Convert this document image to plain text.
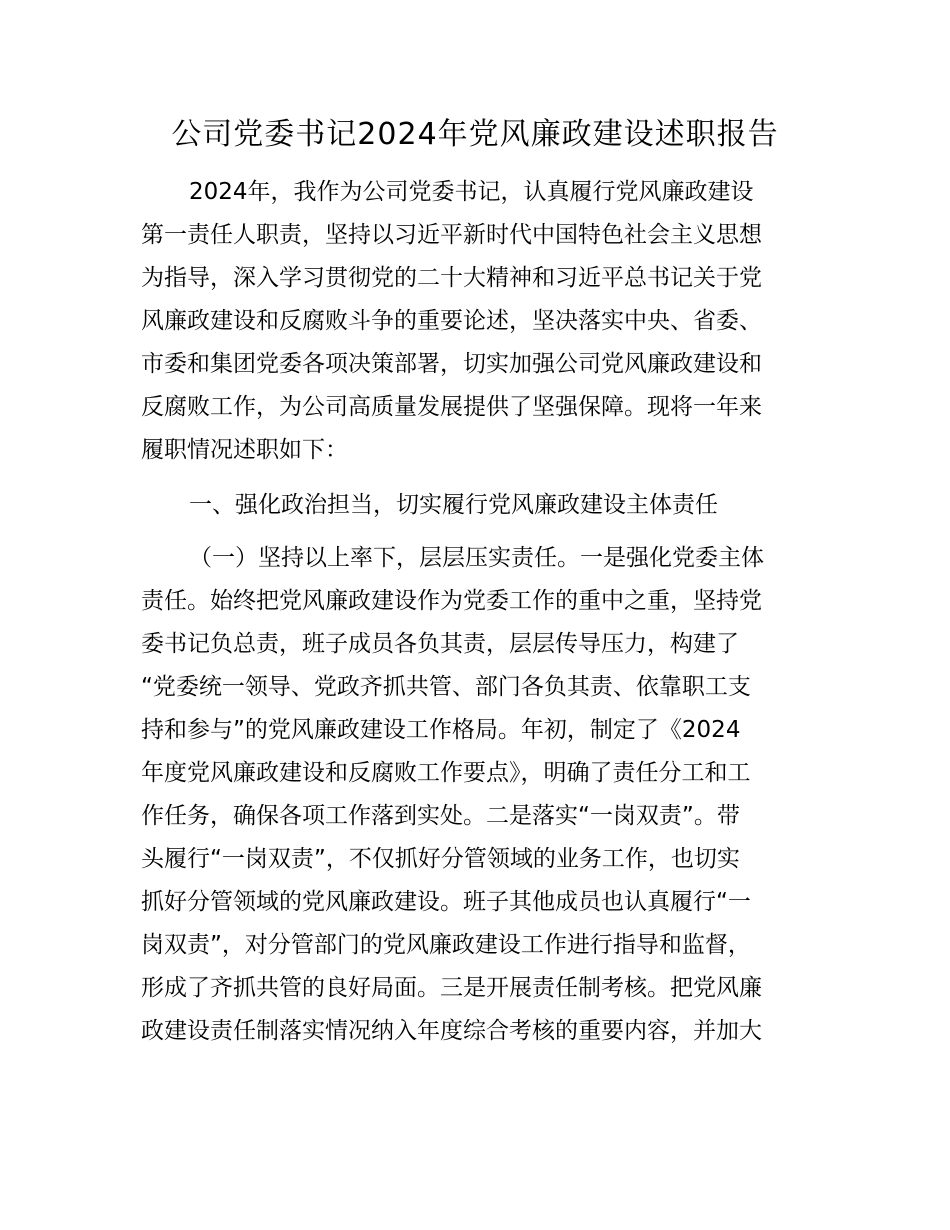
公司党委书记2024年党风廉政建设述职报告
2024年，我作为公司党委书记，认真履行党风廉政建设
第一责任人职责，坚持以习近平新时代中国特色社会主义思想
为指导，深入学习贯彻党的二十大精神和习近平总书记关于党
风廉政建设和反腐败斗争的重要论述，坚决落实中央、省委、
市委和集团党委各项决策部署，切实加强公司党风廉政建设和
反腐败工作，为公司高质量发展提供了坚强保障。现将一年来
履职情况述职如下：
一、强化政治担当，切实履行党风廉政建设主体责任
（一）坚持以上率下，层层压实责任。一是强化党委主体
责任。始终把党风廉政建设作为党委工作的重中之重，坚持党
委书记负总责，班子成员各负其责，层层传导压力，构建了
“党委统一领导、党政齐抓共管、部门各负其责、依靠职工支
持和参与”的党风廉政建设工作格局。年初，制定了《2024
年度党风廉政建设和反腐败工作要点》，明确了责任分工和工
作任务，确保各项工作落到实处。二是落实“一岗双责”。带
头履行“一岗双责”，不仅抓好分管领域的业务工作，也切实
抓好分管领域的党风廉政建设。班子其他成员也认真履行“一
岗双责”，对分管部门的党风廉政建设工作进行指导和监督，
形成了齐抓共管的良好局面。三是开展责任制考核。把党风廉
政建设责任制落实情况纳入年度综合考核的重要内容，并加大
